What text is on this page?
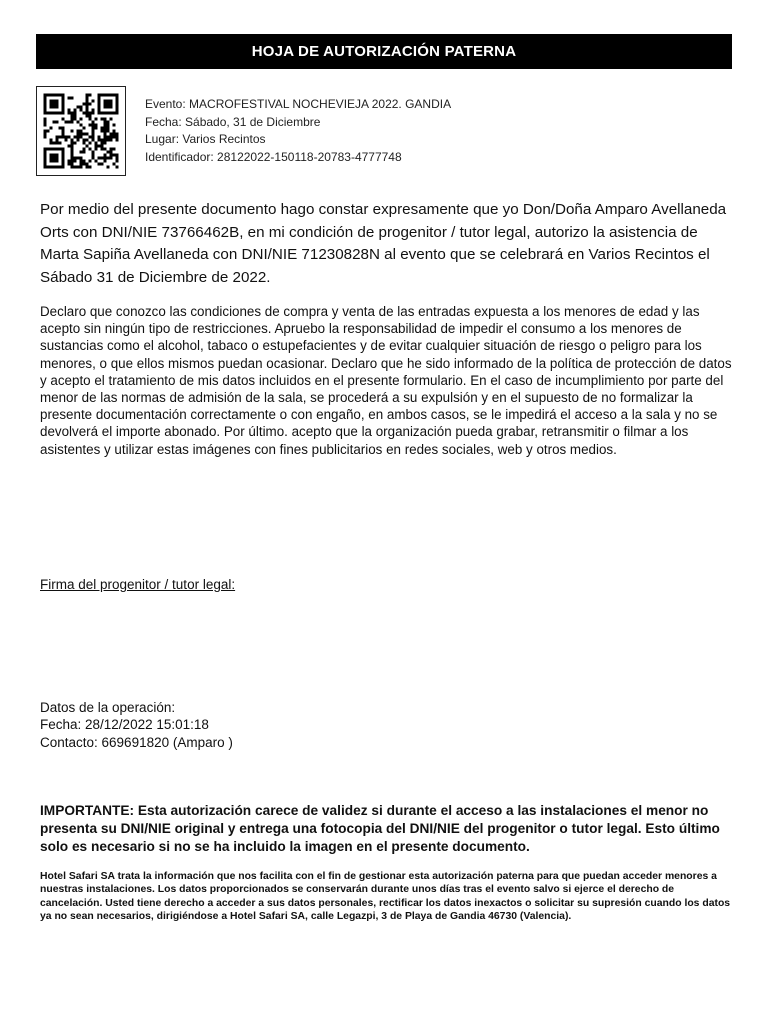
HOJA DE AUTORIZACIÓN PATERNA
Evento: MACROFESTIVAL NOCHEVIEJA 2022. GANDIA
Fecha: Sábado, 31 de Diciembre
Lugar: Varios Recintos
Identificador: 28122022-150118-20783-4777748
Por medio del presente documento hago constar expresamente que yo Don/Doña Amparo Avellaneda Orts con DNI/NIE 73766462B, en mi condición de progenitor / tutor legal, autorizo la asistencia de Marta Sapiña Avellaneda con DNI/NIE 71230828N al evento que se celebrará en Varios Recintos el Sábado 31 de Diciembre de 2022.
Declaro que conozco las condiciones de compra y venta de las entradas expuesta a los menores de edad y las acepto sin ningún tipo de restricciones. Apruebo la responsabilidad de impedir el consumo a los menores de sustancias como el alcohol, tabaco o estupefacientes y de evitar cualquier situación de riesgo o peligro para los menores, o que ellos mismos puedan ocasionar. Declaro que he sido informado de la política de protección de datos y acepto el tratamiento de mis datos incluidos en el presente formulario. En el caso de incumplimiento por parte del menor de las normas de admisión de la sala, se procederá a su expulsión y en el supuesto de no formalizar la presente documentación correctamente o con engaño, en ambos casos, se le impedirá el acceso a la sala y no se devolverá el importe abonado. Por último. acepto que la organización pueda grabar, retransmitir o filmar a los asistentes y utilizar estas imágenes con fines publicitarios en redes sociales, web y otros medios.
Firma del progenitor / tutor legal:
Datos de la operación:
Fecha: 28/12/2022 15:01:18
Contacto: 669691820 (Amparo )
IMPORTANTE: Esta autorización carece de validez si durante el acceso a las instalaciones el menor no presenta su DNI/NIE original y entrega una fotocopia del DNI/NIE del progenitor o tutor legal. Esto último solo es necesario si no se ha incluido la imagen en el presente documento.
Hotel Safari SA trata la información que nos facilita con el fin de gestionar esta autorización paterna para que puedan acceder menores a nuestras instalaciones. Los datos proporcionados se conservarán durante unos días tras el evento salvo si ejerce el derecho de cancelación. Usted tiene derecho a acceder a sus datos personales, rectificar los datos inexactos o solicitar su supresión cuando los datos ya no sean necesarios, dirigiéndose a Hotel Safari SA, calle Legazpi, 3 de Playa de Gandia 46730 (Valencia).
